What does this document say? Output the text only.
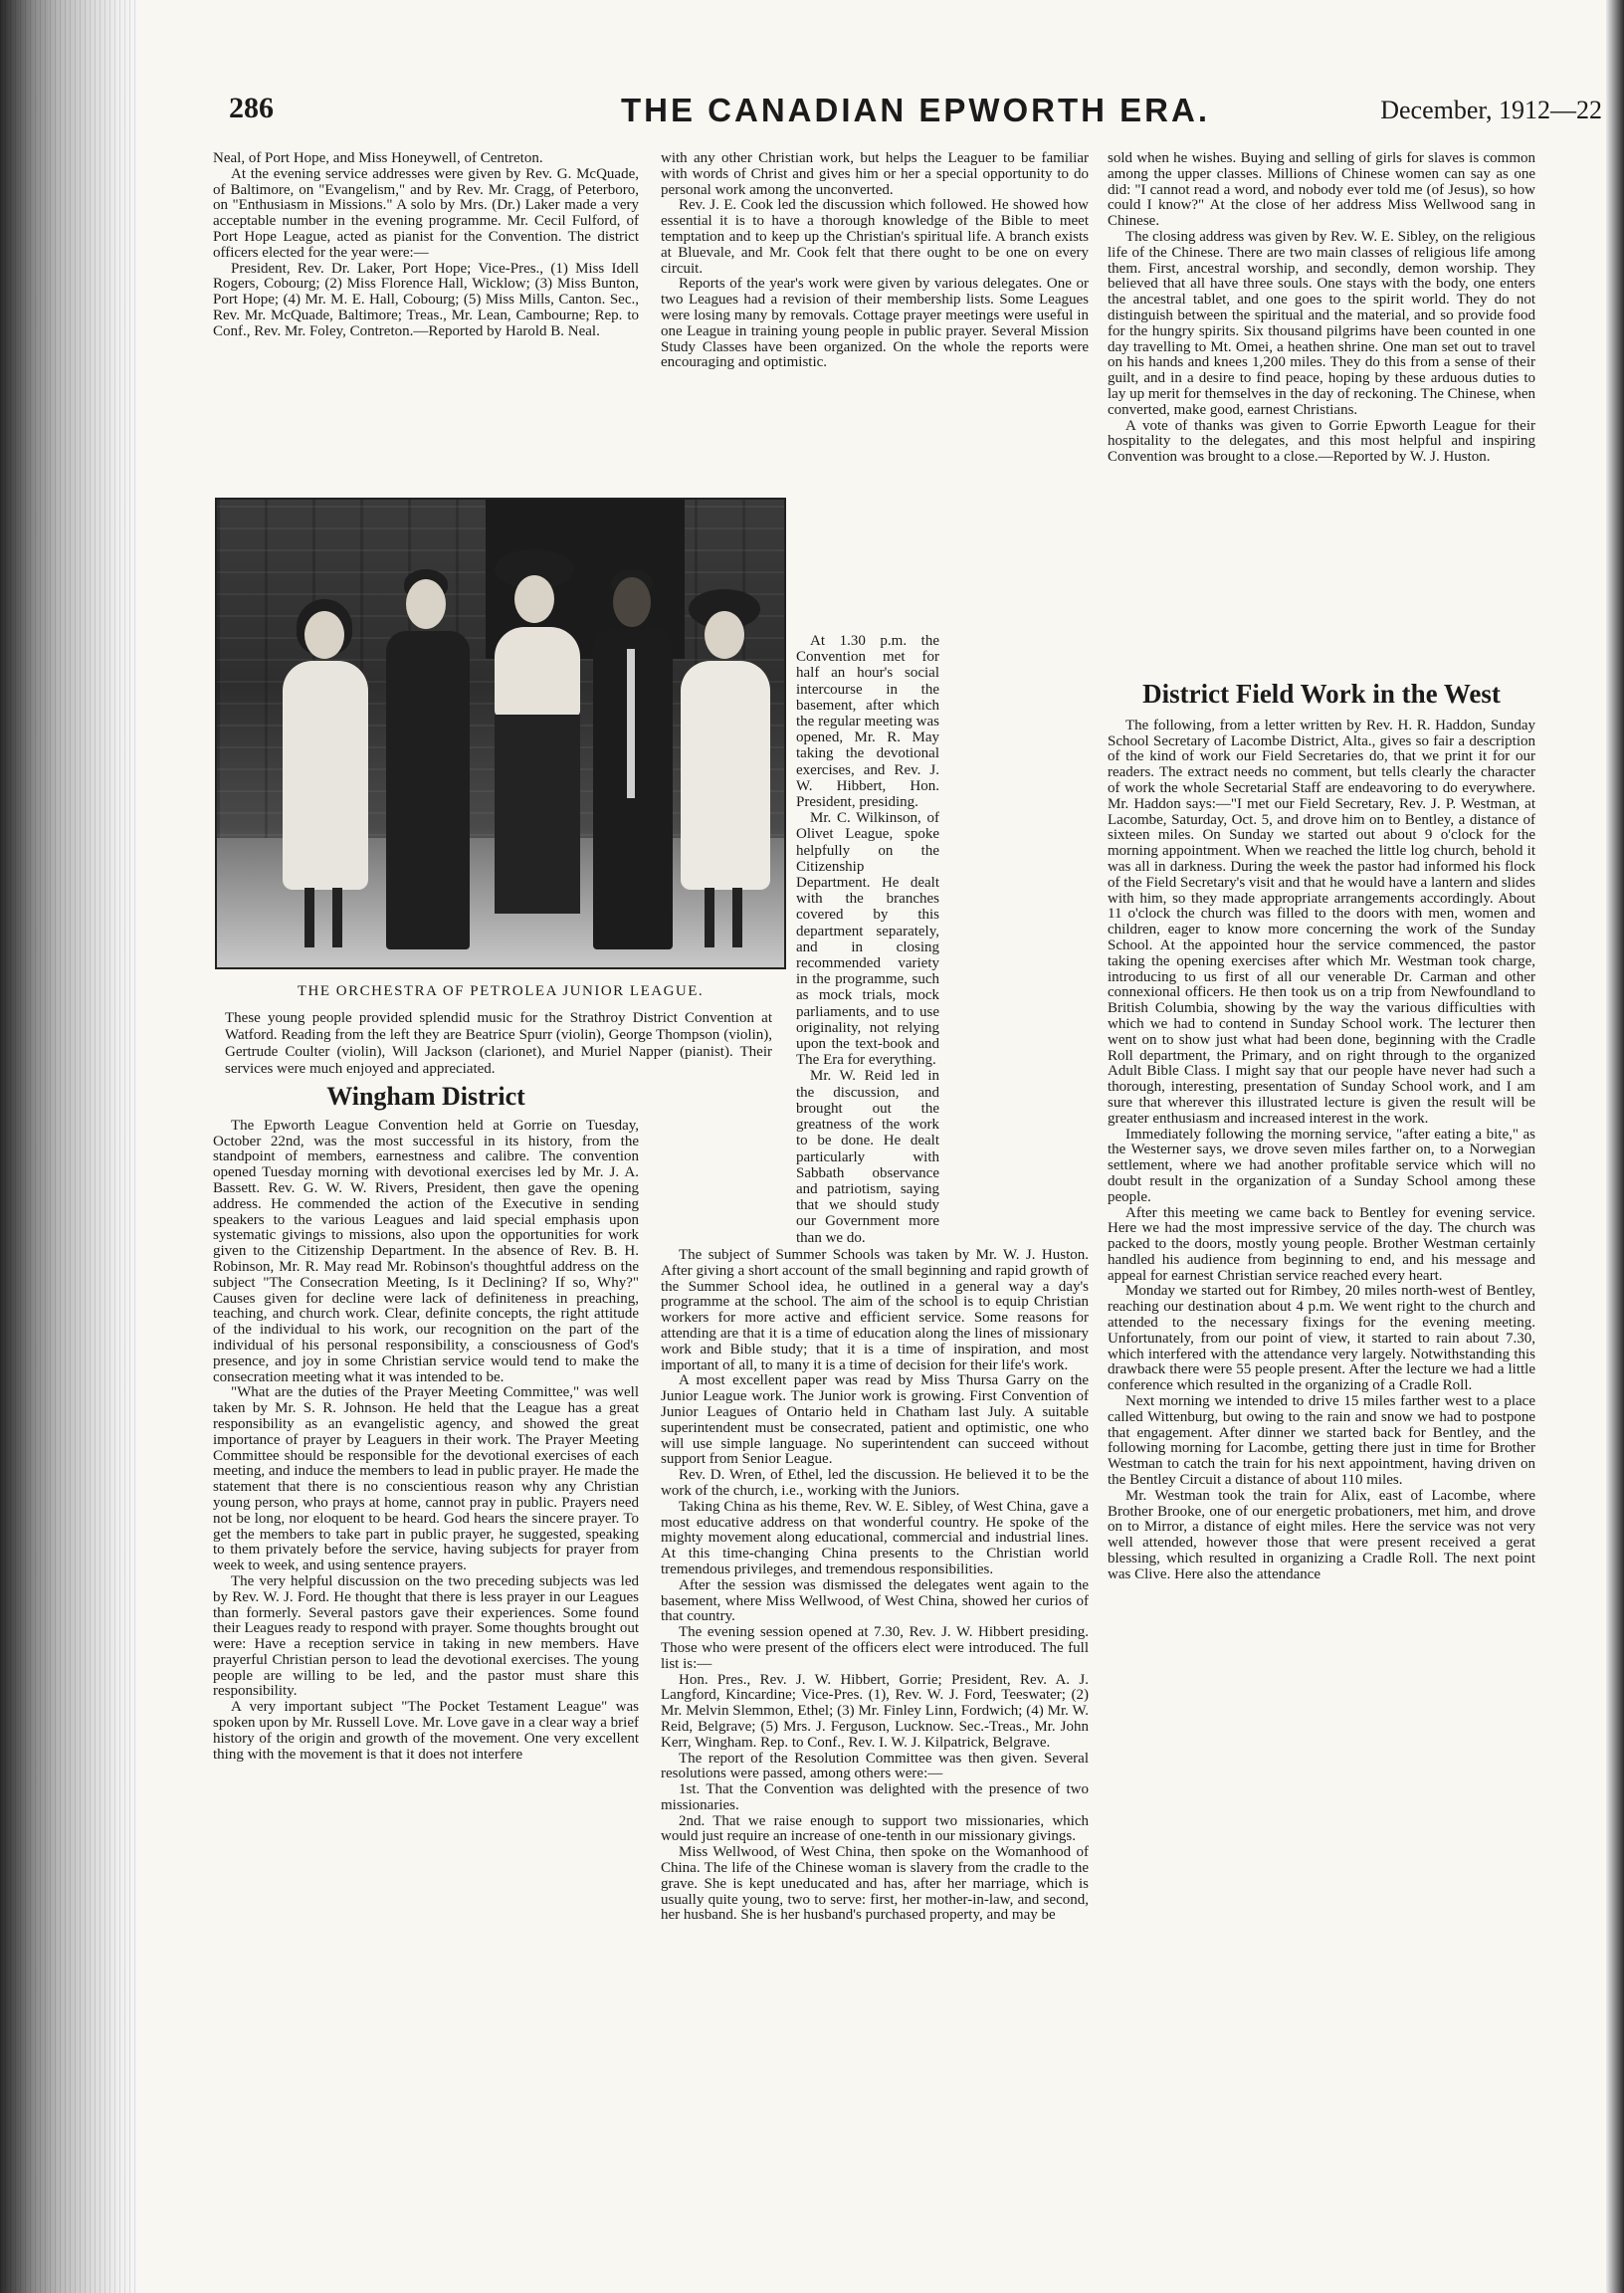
THE CANADIAN EPWORTH ERA.
286	December, 1912—22

Neal, of Port Hope, and Miss Honeywell, of Centreton.

At the evening service addresses were given by Rev. G. McQuade, of Baltimore, on "Evangelism," and by Rev. Mr. Cragg, of Peterboro, on "Enthusiasm in Missions." A solo by Mrs. (Dr.) Laker made a very acceptable number in the evening programme. Mr. Cecil Fulford, of Port Hope League, acted as pianist for the Convention. The district officers elected for the year were:—

President, Rev. Dr. Laker, Port Hope; Vice-Pres., (1) Miss Idell Rogers, Cobourg; (2) Miss Florence Hall, Wicklow; (3) Miss Bunton, Port Hope; (4) Mr. M. E. Hall, Cobourg; (5) Miss Mills, Canton. Sec., Rev. Mr. McQuade, Baltimore; Treas., Mr. Lean, Cambourne; Rep. to Conf., Rev. Mr. Foley, Contreton.—Reported by Harold B. Neal.

with any other Christian work, but helps the Leaguer to be familiar with words of Christ and gives him or her a special opportunity to do personal work among the unconverted.

Rev. J. E. Cook led the discussion which followed. He showed how essential it is to have a thorough knowledge of the Bible to meet temptation and to keep up the Christian's spiritual life. A branch exists at Bluevale, and Mr. Cook felt that there ought to be one on every circuit.

Reports of the year's work were given by various delegates. One or two Leagues had a revision of their membership lists. Some Leagues were losing many by removals. Cottage prayer meetings were useful in one League in training young people in public prayer. Several Mission Study Classes have been organized. On the whole the reports were encouraging and optimistic.

THE ORCHESTRA OF PETROLEA JUNIOR LEAGUE.
These young people provided splendid music for the Strathroy District Convention at Watford. Reading from the left they are Beatrice Spurr (violin), George Thompson (violin), Gertrude Coulter (violin), Will Jackson (clarionet), and Muriel Napper (pianist). Their services were much enjoyed and appreciated.

At 1.30 p.m. the Convention met for half an hour's social intercourse in the basement, after which the regular meeting was opened, Mr. R. May taking the devotional exercises, and Rev. J. W. Hibbert, Hon. President, presiding.

Mr. C. Wilkinson, of Olivet League, spoke helpfully on the Citizenship Department. He dealt with the branches covered by this department separately, and in closing recommended variety in the programme, such as mock trials, mock parliaments, and to use originality, not relying upon the text-book and The Era for everything.

Mr. W. Reid led in the discussion, and brought out the greatness of the work to be done. He dealt particularly with Sabbath observance and patriotism, saying that we should study our Government more than we do.

Wingham District

The Epworth League Convention held at Gorrie on Tuesday, October 22nd, was the most successful in its history, from the standpoint of members, earnestness and calibre. The convention opened Tuesday morning with devotional exercises led by Mr. J. A. Bassett. Rev. G. W. W. Rivers, President, then gave the opening address. He commended the action of the Executive in sending speakers to the various Leagues and laid special emphasis upon systematic givings to missions, also upon the opportunities for work given to the Citizenship Department. In the absence of Rev. B. H. Robinson, Mr. R. May read Mr. Robinson's thoughtful address on the subject "The Consecration Meeting, Is it Declining? If so, Why?" Causes given for decline were lack of definiteness in preaching, teaching, and church work. Clear, definite concepts, the right attitude of the individual to his work, our recognition on the part of the individual of his personal responsibility, a consciousness of God's presence, and joy in some Christian service would tend to make the consecration meeting what it was intended to be.

"What are the duties of the Prayer Meeting Committee," was well taken by Mr. S. R. Johnson. He held that the League has a great responsibility as an evangelistic agency, and showed the great importance of prayer by Leaguers in their work. The Prayer Meeting Committee should be responsible for the devotional exercises of each meeting, and induce the members to lead in public prayer. He made the statement that there is no conscientious reason why any Christian young person, who prays at home, cannot pray in public. Prayers need not be long, nor eloquent to be heard. God hears the sincere prayer. To get the members to take part in public prayer, he suggested, speaking to them privately before the service, having subjects for prayer from week to week, and using sentence prayers.

The very helpful discussion on the two preceding subjects was led by Rev. W. J. Ford. He thought that there is less prayer in our Leagues than formerly. Several pastors gave their experiences. Some found their Leagues ready to respond with prayer. Some thoughts brought out were: Have a reception service in taking in new members. Have prayerful Christian person to lead the devotional exercises. The young people are willing to be led, and the pastor must share this responsibility.

A very important subject "The Pocket Testament League" was spoken upon by Mr. Russell Love. Mr. Love gave in a clear way a brief history of the origin and growth of the movement. One very excellent thing with the movement is that it does not interfere

The subject of Summer Schools was taken by Mr. W. J. Huston. After giving a short account of the small beginning and rapid growth of the Summer School idea, he outlined in a general way a day's programme at the school. The aim of the school is to equip Christian workers for more active and efficient service. Some reasons for attending are that it is a time of education along the lines of missionary work and Bible study; that it is a time of inspiration, and most important of all, to many it is a time of decision for their life's work.

A most excellent paper was read by Miss Thursa Garry on the Junior League work. The Junior work is growing. First Convention of Junior Leagues of Ontario held in Chatham last July. A suitable superintendent must be consecrated, patient and optimistic, one who will use simple language. No superintendent can succeed without support from Senior League.

Rev. D. Wren, of Ethel, led the discussion. He believed it to be the work of the church, i.e., working with the Juniors.

Taking China as his theme, Rev. W. E. Sibley, of West China, gave a most educative address on that wonderful country. He spoke of the mighty movement along educational, commercial and industrial lines. At this time-changing China presents to the Christian world tremendous privileges, and tremendous responsibilities.

After the session was dismissed the delegates went again to the basement, where Miss Wellwood, of West China, showed her curios of that country.

The evening session opened at 7.30, Rev. J. W. Hibbert presiding. Those who were present of the officers elect were introduced. The full list is:—

Hon. Pres., Rev. J. W. Hibbert, Gorrie; President, Rev. A. J. Langford, Kincardine; Vice-Pres. (1), Rev. W. J. Ford, Teeswater; (2) Mr. Melvin Slemmon, Ethel; (3) Mr. Finley Linn, Fordwich; (4) Mr. W. Reid, Belgrave; (5) Mrs. J. Ferguson, Lucknow. Sec.-Treas., Mr. John Kerr, Wingham. Rep. to Conf., Rev. I. W. J. Kilpatrick, Belgrave.

The report of the Resolution Committee was then given. Several resolutions were passed, among others were:—

1st. That the Convention was delighted with the presence of two missionaries.

2nd. That we raise enough to support two missionaries, which would just require an increase of one-tenth in our missionary givings.

Miss Wellwood, of West China, then spoke on the Womanhood of China. The life of the Chinese woman is slavery from the cradle to the grave. She is kept uneducated and has, after her marriage, which is usually quite young, two to serve: first, her mother-in-law, and second, her husband. She is her husband's purchased property, and may be

sold when he wishes. Buying and selling of girls for slaves is common among the upper classes. Millions of Chinese women can say as one did: "I cannot read a word, and nobody ever told me (of Jesus), so how could I know?" At the close of her address Miss Wellwood sang in Chinese.

The closing address was given by Rev. W. E. Sibley, on the religious life of the Chinese. There are two main classes of religious life among them. First, ancestral worship, and secondly, demon worship. They believed that all have three souls. One stays with the body, one enters the ancestral tablet, and one goes to the spirit world. They do not distinguish between the spiritual and the material, and so provide food for the hungry spirits. Six thousand pilgrims have been counted in one day travelling to Mt. Omei, a heathen shrine. One man set out to travel on his hands and knees 1,200 miles. They do this from a sense of their guilt, and in a desire to find peace, hoping by these arduous duties to lay up merit for themselves in the day of reckoning. The Chinese, when converted, make good, earnest Christians.

A vote of thanks was given to Gorrie Epworth League for their hospitality to the delegates, and this most helpful and inspiring Convention was brought to a close.—Reported by W. J. Huston.

District Field Work in the West

The following, from a letter written by Rev. H. R. Haddon, Sunday School Secretary of Lacombe District, Alta., gives so fair a description of the kind of work our Field Secretaries do, that we print it for our readers. The extract needs no comment, but tells clearly the character of work the whole Secretarial Staff are endeavoring to do everywhere. Mr. Haddon says:—"I met our Field Secretary, Rev. J. P. Westman, at Lacombe, Saturday, Oct. 5, and drove him on to Bentley, a distance of sixteen miles. On Sunday we started out about 9 o'clock for the morning appointment. When we reached the little log church, behold it was all in darkness. During the week the pastor had informed his flock of the Field Secretary's visit and that he would have a lantern and slides with him, so they made appropriate arrangements accordingly. About 11 o'clock the church was filled to the doors with men, women and children, eager to know more concerning the work of the Sunday School. At the appointed hour the service commenced, the pastor taking the opening exercises after which Mr. Westman took charge, introducing to us first of all our venerable Dr. Carman and other connexional officers. He then took us on a trip from Newfoundland to British Columbia, showing by the way the various difficulties with which we had to contend in Sunday School work. The lecturer then went on to show just what had been done, beginning with the Cradle Roll department, the Primary, and on right through to the organized Adult Bible Class. I might say that our people have never had such a thorough, interesting, presentation of Sunday School work, and I am sure that wherever this illustrated lecture is given the result will be greater enthusiasm and increased interest in the work.

Immediately following the morning service, "after eating a bite," as the Westerner says, we drove seven miles farther on, to a Norwegian settlement, where we had another profitable service which will no doubt result in the organization of a Sunday School among these people.

After this meeting we came back to Bentley for evening service. Here we had the most impressive service of the day. The church was packed to the doors, mostly young people. Brother Westman certainly handled his audience from beginning to end, and his message and appeal for earnest Christian service reached every heart.

Monday we started out for Rimbey, 20 miles north-west of Bentley, reaching our destination about 4 p.m. We went right to the church and attended to the necessary fixings for the evening meeting. Unfortunately, from our point of view, it started to rain about 7.30, which interfered with the attendance very largely. Notwithstanding this drawback there were 55 people present. After the lecture we had a little conference which resulted in the organizing of a Cradle Roll.

Next morning we intended to drive 15 miles farther west to a place called Wittenburg, but owing to the rain and snow we had to postpone that engagement. After dinner we started back for Bentley, and the following morning for Lacombe, getting there just in time for Brother Westman to catch the train for his next appointment, having driven on the Bentley Circuit a distance of about 110 miles.

Mr. Westman took the train for Alix, east of Lacombe, where Brother Brooke, one of our energetic probationers, met him, and drove on to Mirror, a distance of eight miles. Here the service was not very well attended, however those that were present received a gerat blessing, which resulted in organizing a Cradle Roll. The next point was Clive. Here also the attendance
